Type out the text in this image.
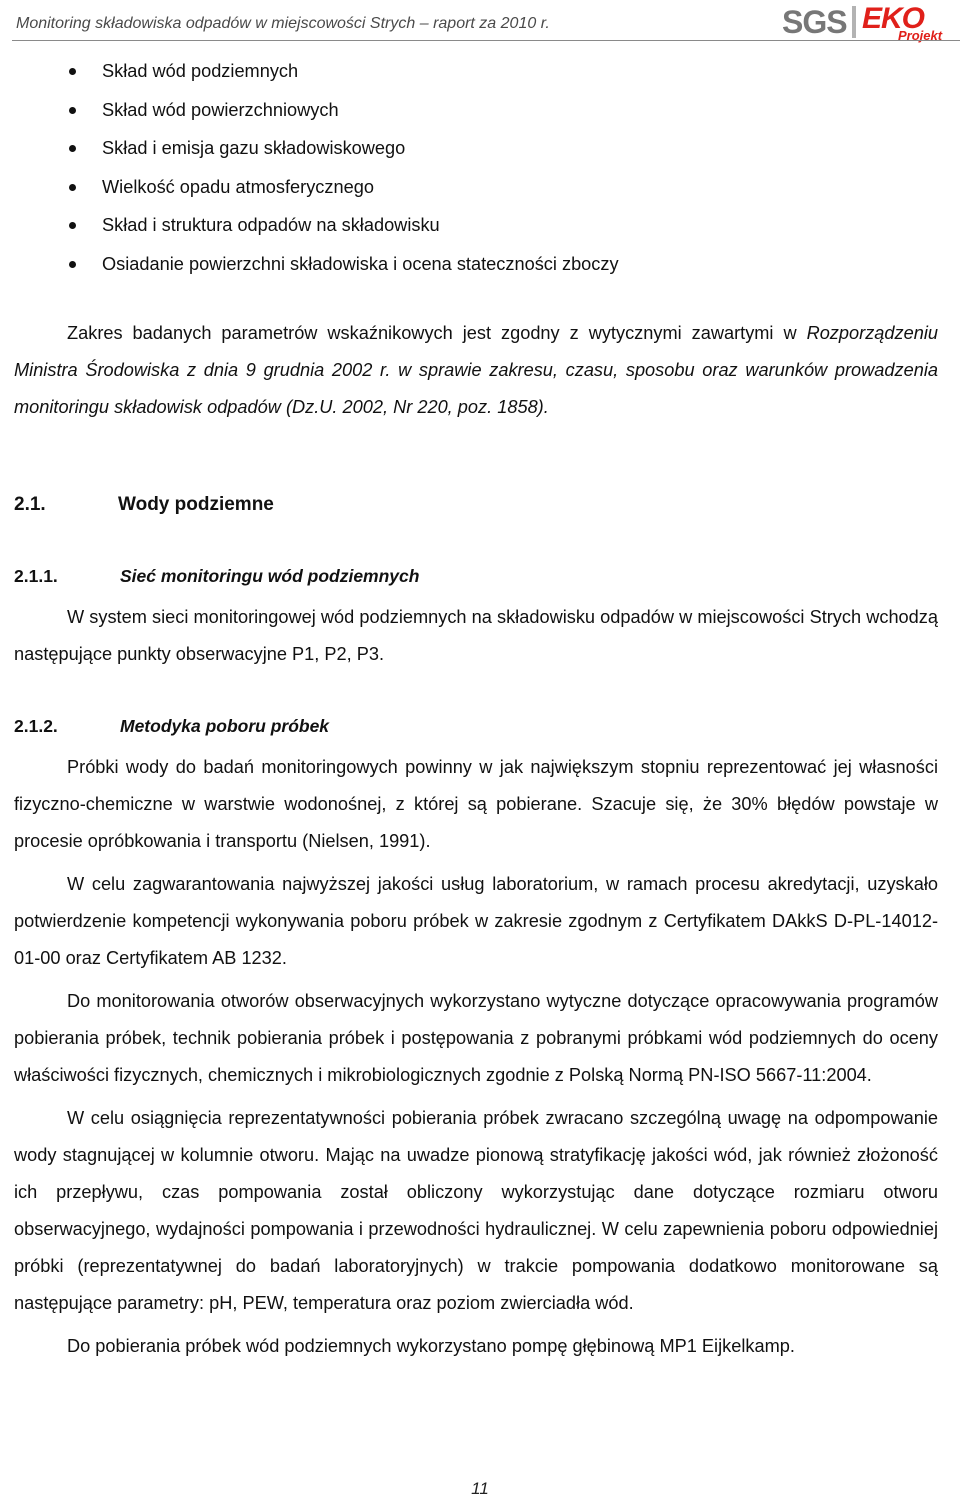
Monitoring składowiska odpadów w miejscowości Strych – raport za 2010 r.	SGS EKO
Projekt
Skład wód podziemnych
Skład wód powierzchniowych
Skład i emisja gazu składowiskowego
Wielkość opadu atmosferycznego
Skład i struktura odpadów na składowisku
Osiadanie powierzchni składowiska i ocena stateczności zboczy

Zakres badanych parametrów wskaźnikowych jest zgodny z wytycznymi zawartymi w Rozporządzeniu Ministra Środowiska z dnia 9 grudnia 2002 r. w sprawie zakresu, czasu, sposobu oraz warunków prowadzenia monitoringu składowisk odpadów (Dz.U. 2002, Nr 220, poz. 1858).

2.1.	Wody podziemne
2.1.1.	Sieć monitoringu wód podziemnych

W system sieci monitoringowej wód podziemnych na składowisku odpadów w miejscowości Strych wchodzą następujące punkty obserwacyjne P1, P2, P3.

2.1.2.	Metodyka poboru próbek

Próbki wody do badań monitoringowych powinny w jak największym stopniu reprezentować jej własności fizyczno-chemiczne w warstwie wodonośnej, z której są pobierane. Szacuje się, że 30% błędów powstaje w procesie opróbkowania i transportu (Nielsen, 1991).

W celu zagwarantowania najwyższej jakości usług laboratorium, w ramach procesu akredytacji, uzyskało potwierdzenie kompetencji wykonywania poboru próbek w zakresie zgodnym z Certyfikatem DAkkS D-PL-14012-01-00 oraz Certyfikatem AB 1232.

Do monitorowania otworów obserwacyjnych wykorzystano wytyczne dotyczące opracowywania programów pobierania próbek, technik pobierania próbek i postępowania z pobranymi próbkami wód podziemnych do oceny właściwości fizycznych, chemicznych i mikrobiologicznych zgodnie z Polską Normą PN-ISO 5667-11:2004.

W celu osiągnięcia reprezentatywności pobierania próbek zwracano szczególną uwagę na odpompowanie wody stagnującej w kolumnie otworu. Mając na uwadze pionową stratyfikację jakości wód, jak również złożoność ich przepływu, czas pompowania został obliczony wykorzystując dane dotyczące rozmiaru otworu obserwacyjnego, wydajności pompowania i przewodności hydraulicznej. W celu zapewnienia poboru odpowiedniej próbki (reprezentatywnej do badań laboratoryjnych) w trakcie pompowania dodatkowo monitorowane są następujące parametry: pH, PEW, temperatura oraz poziom zwierciadła wód.

Do pobierania próbek wód podziemnych wykorzystano pompę głębinową MP1 Eijkelkamp.

11
